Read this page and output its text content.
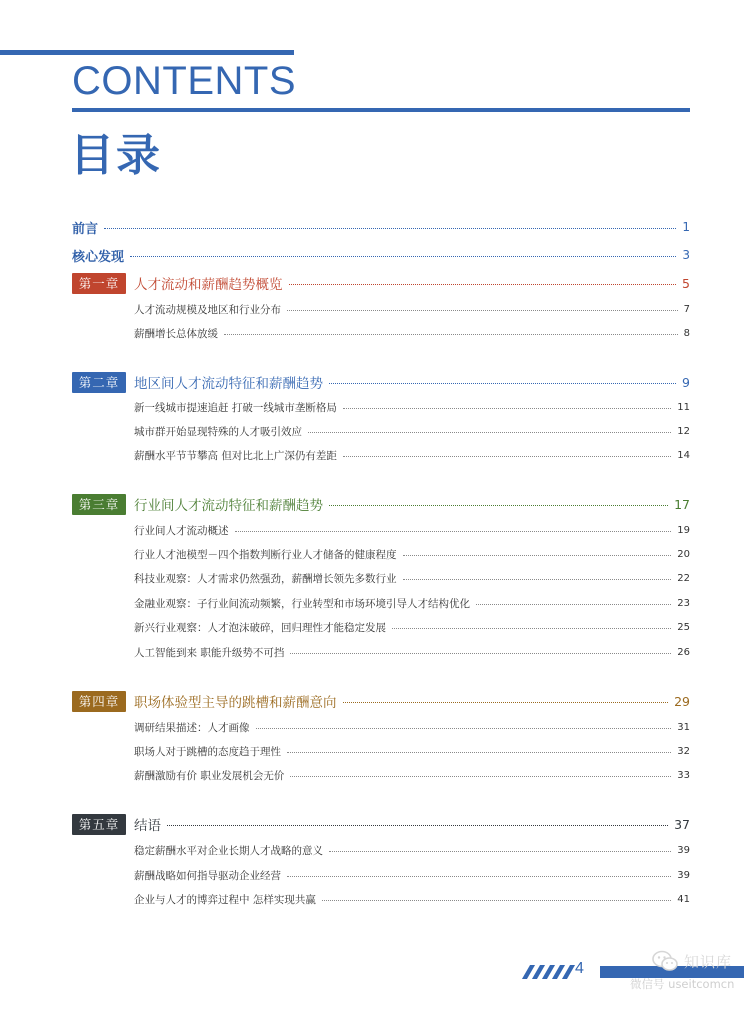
CONTENTS
目录
前言	1
核心发现	3
第一章	人才流动和薪酬趋势概览	5
人才流动规模及地区和行业分布	7
薪酬增长总体放缓	8
第二章	地区间人才流动特征和薪酬趋势	9
新一线城市提速追赶 打破一线城市垄断格局	11
城市群开始显现特殊的人才吸引效应	12
薪酬水平节节攀高 但对比北上广深仍有差距	14
第三章	行业间人才流动特征和薪酬趋势	17
行业间人才流动概述	19
行业人才池模型－四个指数判断行业人才储备的健康程度	20
科技业观察：人才需求仍然强劲，薪酬增长领先多数行业	22
金融业观察：子行业间流动频繁，行业转型和市场环境引导人才结构优化	23
新兴行业观察：人才泡沫破碎，回归理性才能稳定发展	25
人工智能到来 职能升级势不可挡	26
第四章	职场体验型主导的跳槽和薪酬意向	29
调研结果描述：人才画像	31
职场人对于跳槽的态度趋于理性	32
薪酬激励有价 职业发展机会无价	33
第五章	结语	37
稳定薪酬水平对企业长期人才战略的意义	39
薪酬战略如何指导驱动企业经营	39
企业与人才的博弈过程中 怎样实现共赢	41
4	知识库
微信号 useitcomcn
